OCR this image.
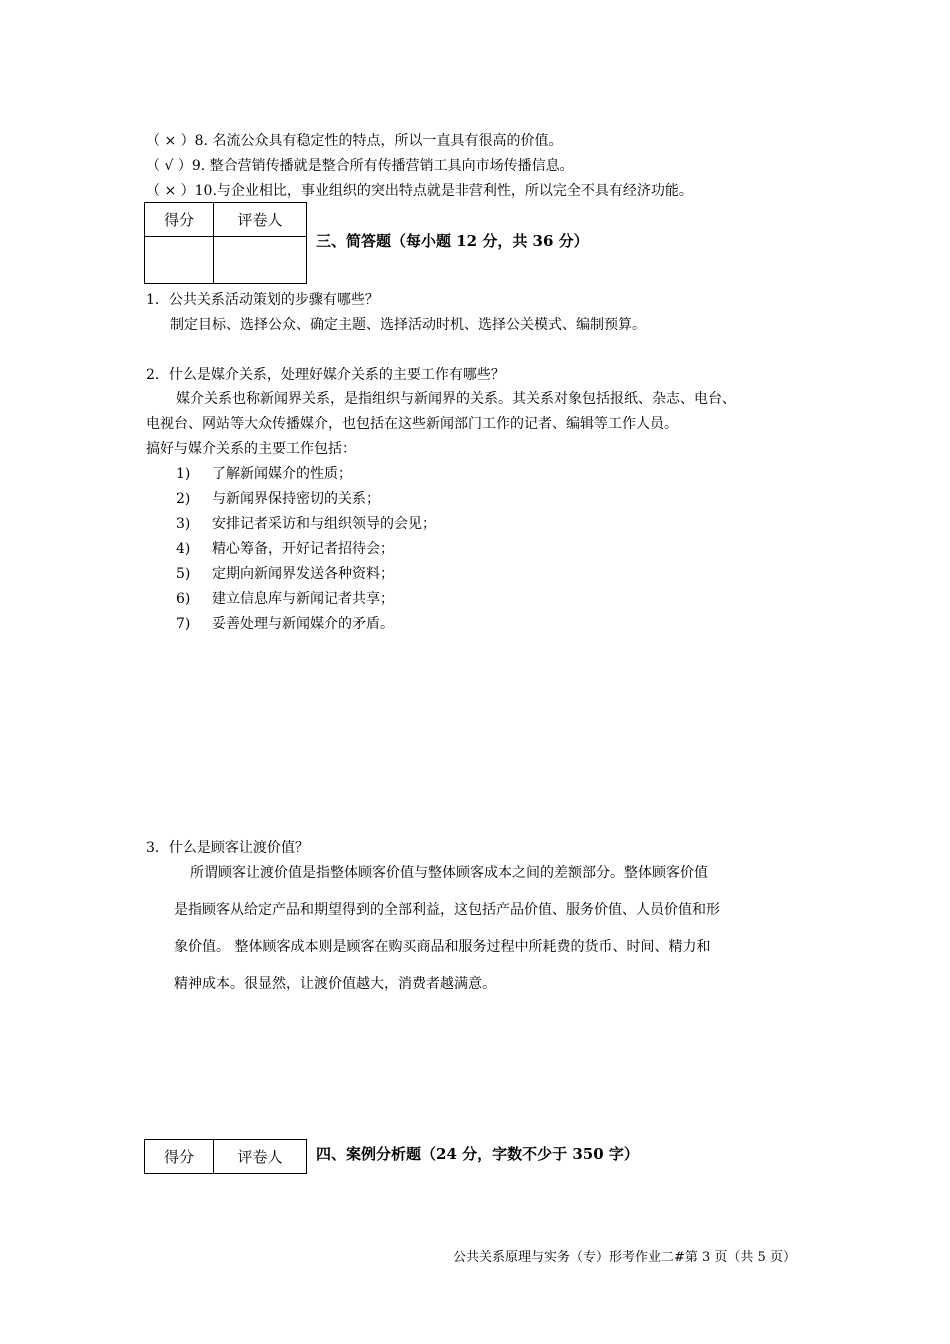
（ × ）8. 名流公众具有稳定性的特点，所以一直具有很高的价值。
（ √ ）9. 整合营销传播就是整合所有传播营销工具向市场传播信息。
（ × ）10.与企业相比，事业组织的突出特点就是非营利性，所以完全不具有经济功能。
得分	评卷人

三、简答题（每小题 12 分，共 36 分）
1．公共关系活动策划的步骤有哪些？
制定目标、选择公众、确定主题、选择活动时机、选择公关模式、编制预算。
2．什么是媒介关系，处理好媒介关系的主要工作有哪些？
媒介关系也称新闻界关系，是指组织与新闻界的关系。其关系对象包括报纸、杂志、电台、
电视台、网站等大众传播媒介，也包括在这些新闻部门工作的记者、编辑等工作人员。
搞好与媒介关系的主要工作包括：
1) 了解新闻媒介的性质；
2) 与新闻界保持密切的关系；
3) 安排记者采访和与组织领导的会见；
4) 精心筹备，开好记者招待会；
5) 定期向新闻界发送各种资料；
6) 建立信息库与新闻记者共享；
7) 妥善处理与新闻媒介的矛盾。
3．什么是顾客让渡价值？
所谓顾客让渡价值是指整体顾客价值与整体顾客成本之间的差额部分。整体顾客价值
是指顾客从给定产品和期望得到的全部利益，这包括产品价值、服务价值、人员价值和形
象价值。 整体顾客成本则是顾客在购买商品和服务过程中所耗费的货币、时间、精力和
精神成本。很显然，让渡价值越大，消费者越满意。
得分	评卷人 四、案例分析题（24 分，字数不少于 350 字）
公共关系原理与实务（专）形考作业二#第 3 页（共 5 页）
